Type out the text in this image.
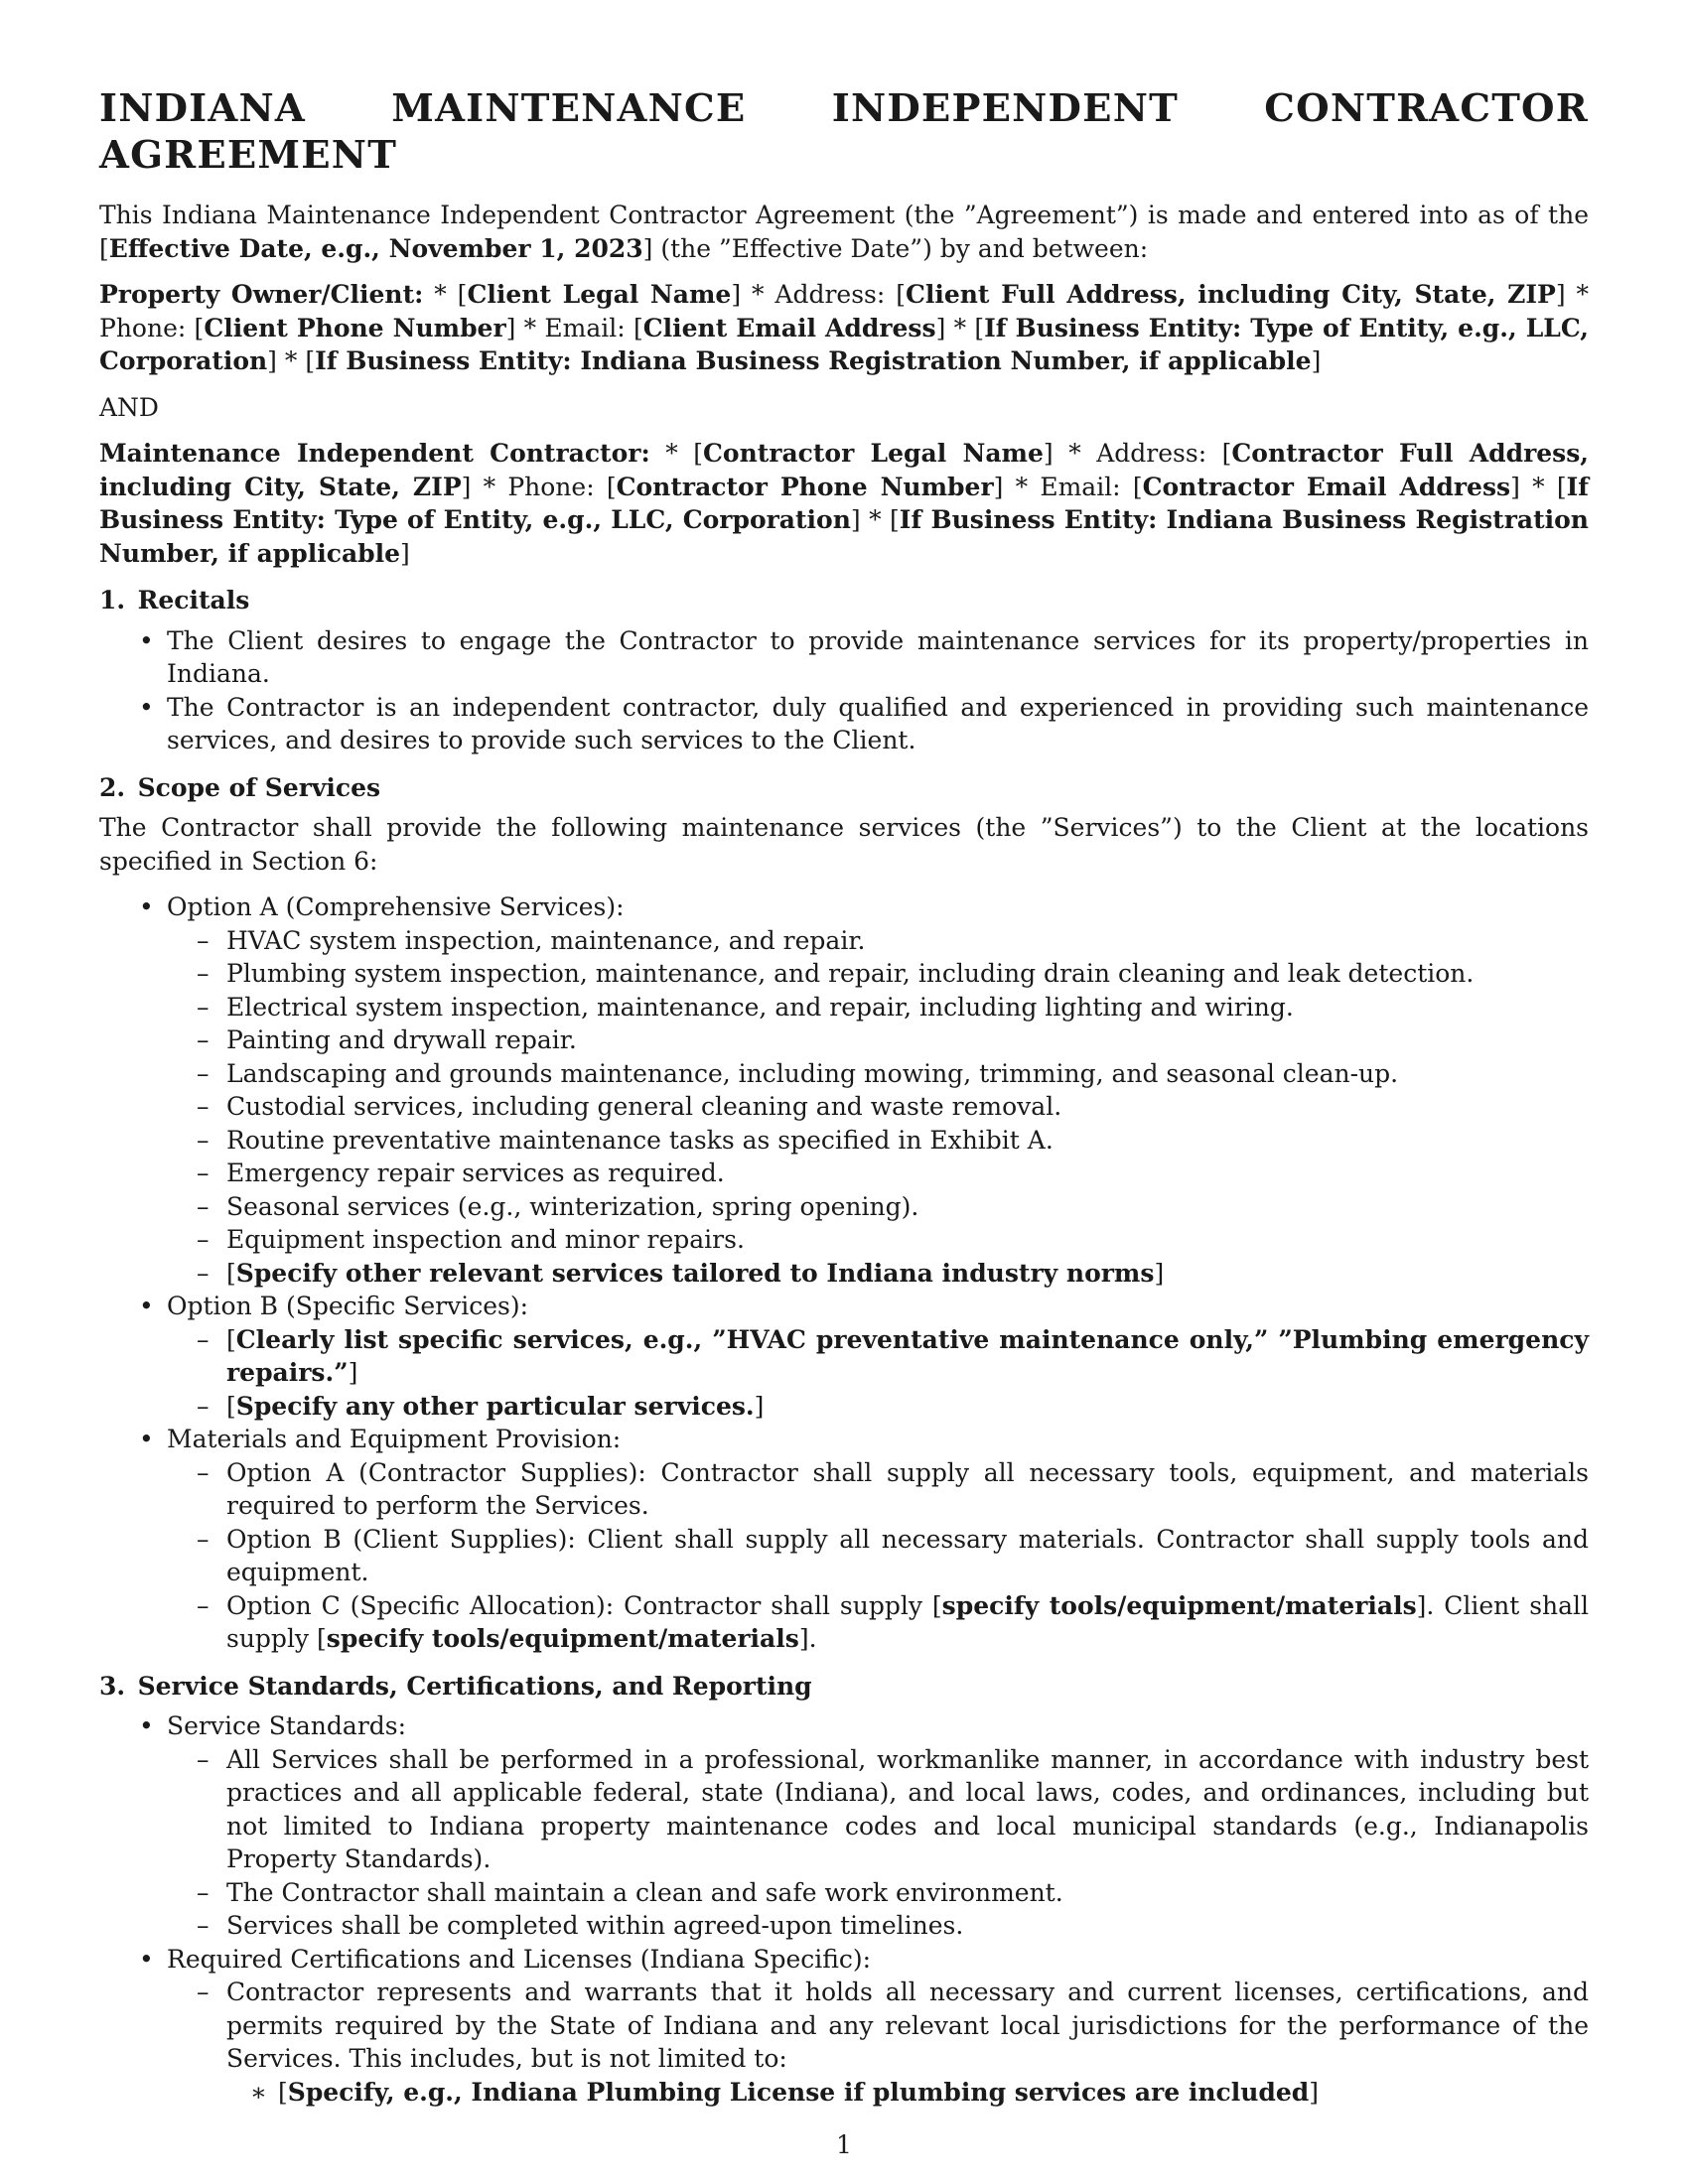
INDIANA MAINTENANCE INDEPENDENT CONTRACTOR AGREEMENT

This Indiana Maintenance Independent Contractor Agreement (the ”Agreement”) is made and entered into as of the [Effective Date, e.g., November 1, 2023] (the ”Effective Date”) by and between:

Property Owner/Client: * [Client Legal Name] * Address: [Client Full Address, including City, State, ZIP] * Phone: [Client Phone Number] * Email: [Client Email Address] * [If Business Entity: Type of Entity, e.g., LLC, Corporation] * [If Business Entity: Indiana Business Registration Number, if applicable]

AND

Maintenance Independent Contractor: * [Contractor Legal Name] * Address: [Contractor Full Address, including City, State, ZIP] * Phone: [Contractor Phone Number] * Email: [Contractor Email Address] * [If Business Entity: Type of Entity, e.g., LLC, Corporation] * [If Business Entity: Indiana Business Registration Number, if applicable]

1. Recitals
• The Client desires to engage the Contractor to provide maintenance services for its property/properties in Indiana.
• The Contractor is an independent contractor, duly qualified and experienced in providing such maintenance services, and desires to provide such services to the Client.
2. Scope of Services

The Contractor shall provide the following maintenance services (the ”Services”) to the Client at the locations specified in Section 6:

• Option A (Comprehensive Services):
– HVAC system inspection, maintenance, and repair.
– Plumbing system inspection, maintenance, and repair, including drain cleaning and leak detection.
– Electrical system inspection, maintenance, and repair, including lighting and wiring.
– Painting and drywall repair.
– Landscaping and grounds maintenance, including mowing, trimming, and seasonal clean-up.
– Custodial services, including general cleaning and waste removal.
– Routine preventative maintenance tasks as specified in Exhibit A.
– Emergency repair services as required.
– Seasonal services (e.g., winterization, spring opening).
– Equipment inspection and minor repairs.
– [Specify other relevant services tailored to Indiana industry norms]
• Option B (Specific Services):
– [Clearly list specific services, e.g., ”HVAC preventative maintenance only,” ”Plumbing emergency repairs.”]
– [Specify any other particular services.]
• Materials and Equipment Provision:
– Option A (Contractor Supplies): Contractor shall supply all necessary tools, equipment, and materials required to perform the Services.
– Option B (Client Supplies): Client shall supply all necessary materials. Contractor shall supply tools and equipment.
– Option C (Specific Allocation): Contractor shall supply [specify tools/equipment/materials]. Client shall supply [specify tools/equipment/materials].
3. Service Standards, Certifications, and Reporting
• Service Standards:
– All Services shall be performed in a professional, workmanlike manner, in accordance with industry best practices and all applicable federal, state (Indiana), and local laws, codes, and ordinances, including but not limited to Indiana property maintenance codes and local municipal standards (e.g., Indianapolis Property Standards).
– The Contractor shall maintain a clean and safe work environment.
– Services shall be completed within agreed-upon timelines.
• Required Certifications and Licenses (Indiana Specific):
– Contractor represents and warrants that it holds all necessary and current licenses, certifications, and permits required by the State of Indiana and any relevant local jurisdictions for the performance of the Services. This includes, but is not limited to:
∗ [Specify, e.g., Indiana Plumbing License if plumbing services are included]
1
